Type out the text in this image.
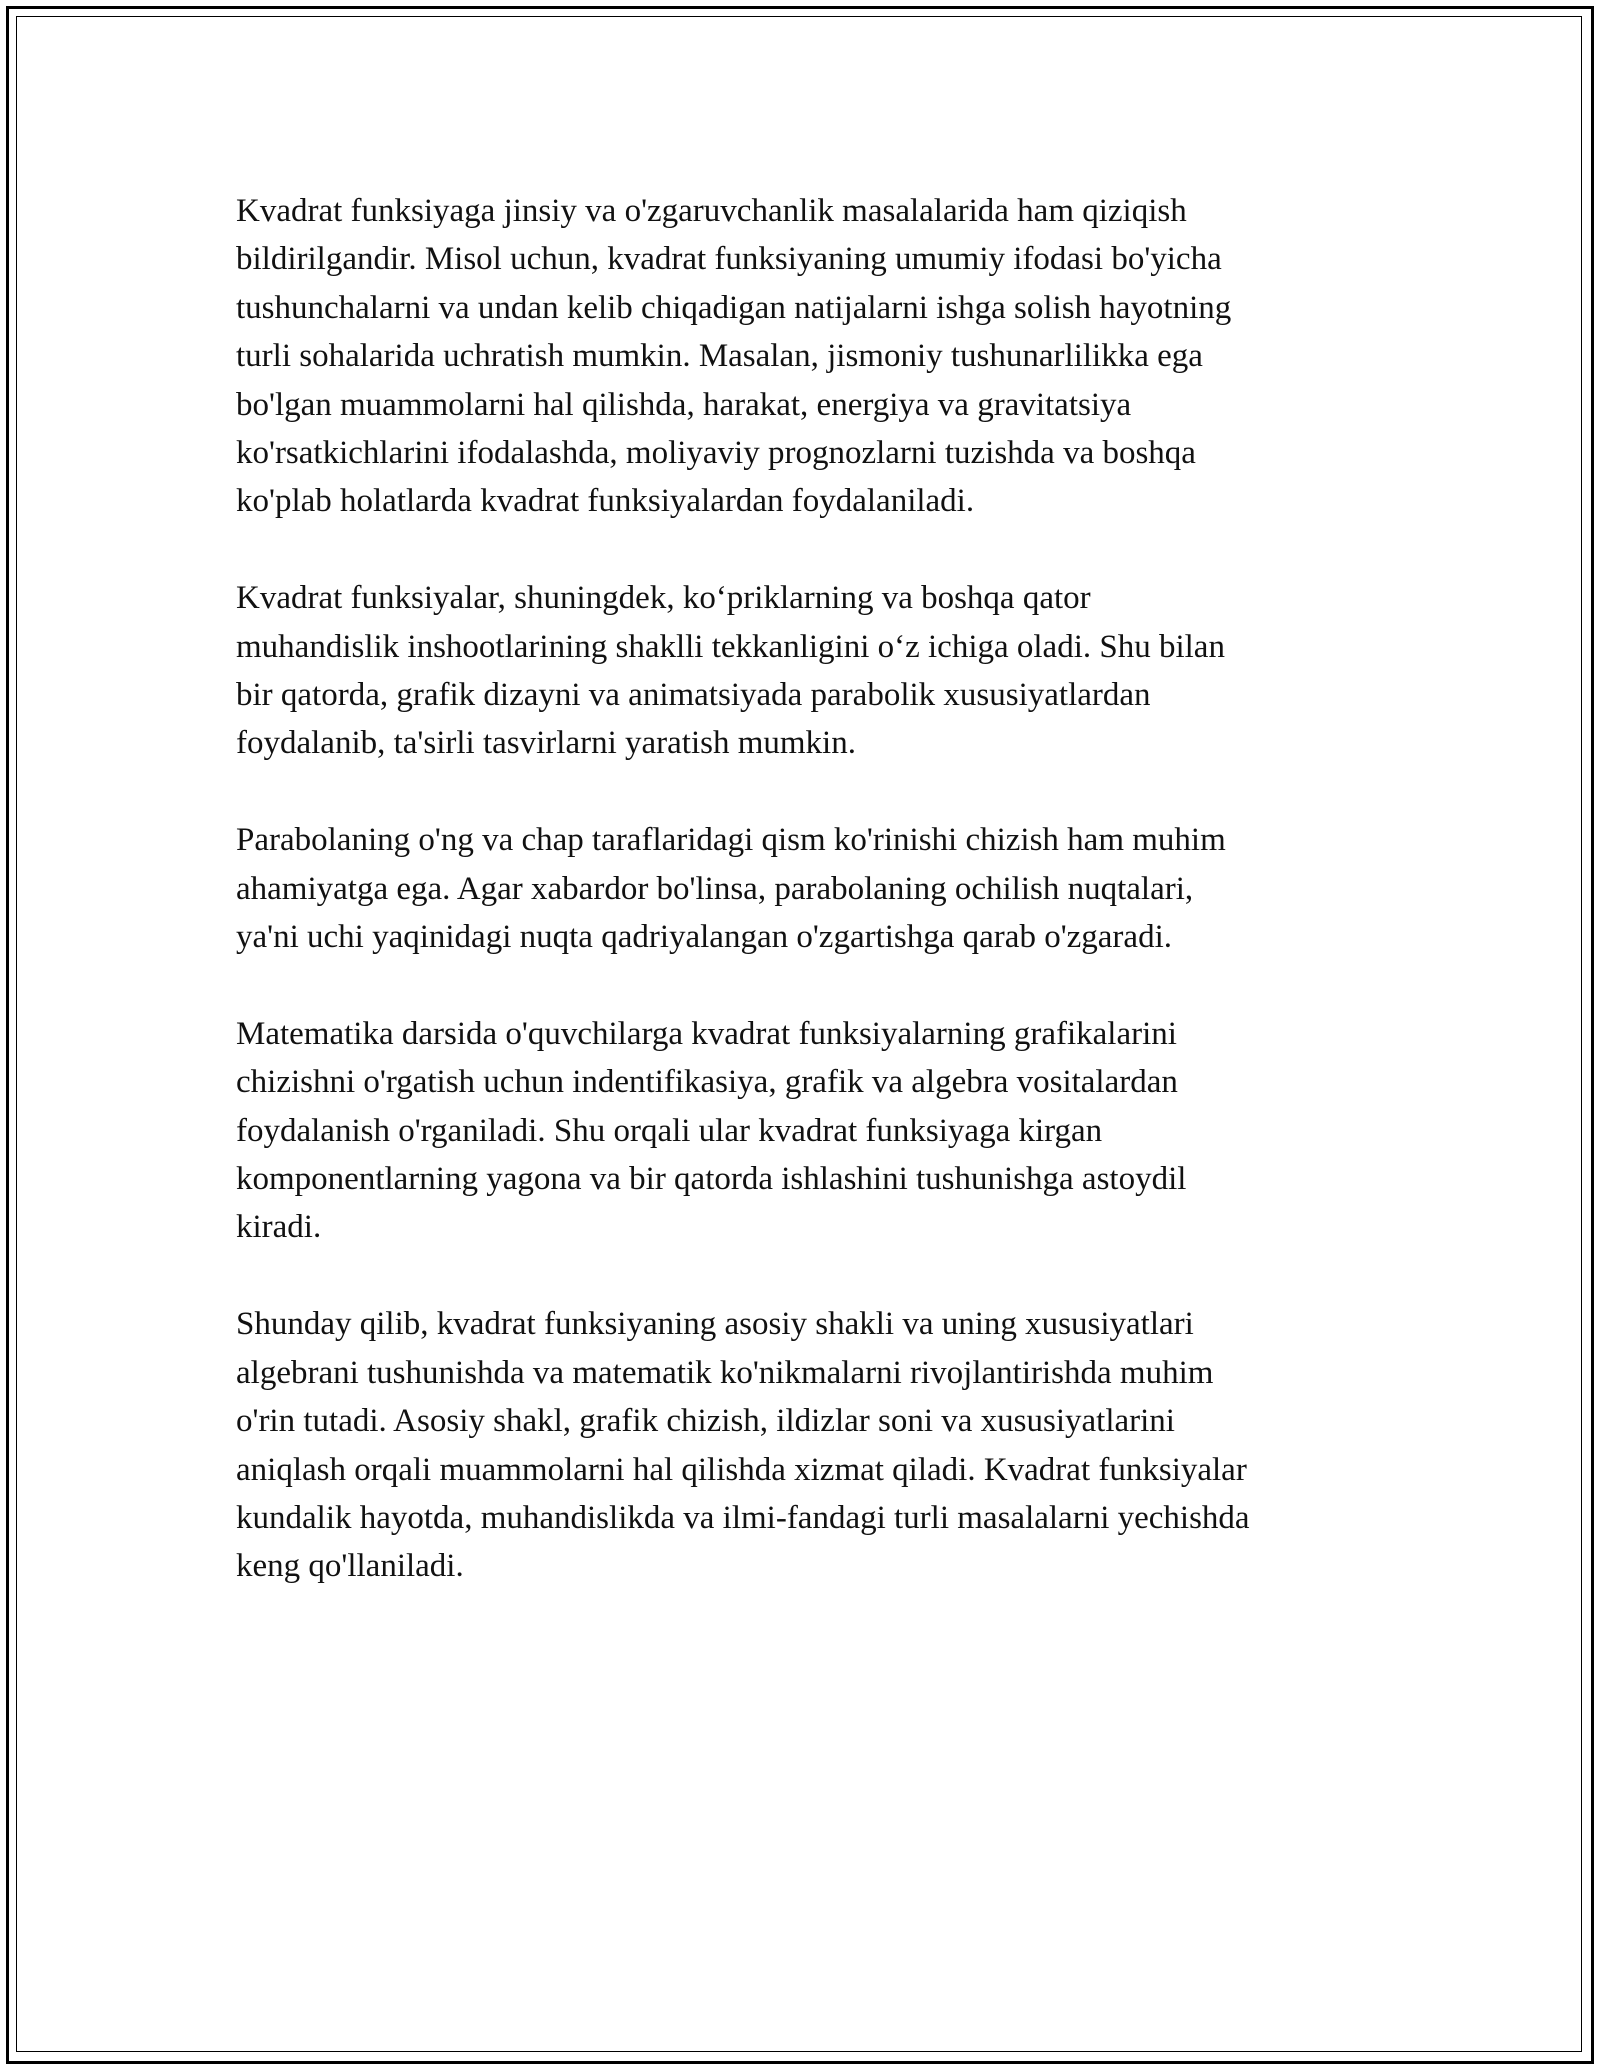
Kvadrat funksiyaga jinsiy va o'zgaruvchanlik masalalarida ham qiziqish
bildirilgandir. Misol uchun, kvadrat funksiyaning umumiy ifodasi bo'yicha
tushunchalarni va undan kelib chiqadigan natijalarni ishga solish hayotning
turli sohalarida uchratish mumkin. Masalan, jismoniy tushunarlilikka ega
bo'lgan muammolarni hal qilishda, harakat, energiya va gravitatsiya
ko'rsatkichlarini ifodalashda, moliyaviy prognozlarni tuzishda va boshqa
ko'plab holatlarda kvadrat funksiyalardan foydalaniladi.

Kvadrat funksiyalar, shuningdek, ko‘priklarning va boshqa qator
muhandislik inshootlarining shaklli tekkanligini o‘z ichiga oladi. Shu bilan
bir qatorda, grafik dizayni va animatsiyada parabolik xususiyatlardan
foydalanib, ta'sirli tasvirlarni yaratish mumkin.

Parabolaning o'ng va chap taraflaridagi qism ko'rinishi chizish ham muhim
ahamiyatga ega. Agar xabardor bo'linsa, parabolaning ochilish nuqtalari,
ya'ni uchi yaqinidagi nuqta qadriyalangan o'zgartishga qarab o'zgaradi.

Matematika darsida o'quvchilarga kvadrat funksiyalarning grafikalarini
chizishni o'rgatish uchun indentifikasiya, grafik va algebra vositalardan
foydalanish o'rganiladi. Shu orqali ular kvadrat funksiyaga kirgan
komponentlarning yagona va bir qatorda ishlashini tushunishga astoydil
kiradi.

Shunday qilib, kvadrat funksiyaning asosiy shakli va uning xususiyatlari
algebrani tushunishda va matematik ko'nikmalarni rivojlantirishda muhim
o'rin tutadi. Asosiy shakl, grafik chizish, ildizlar soni va xususiyatlarini
aniqlash orqali muammolarni hal qilishda xizmat qiladi. Kvadrat funksiyalar
kundalik hayotda, muhandislikda va ilmi-fandagi turli masalalarni yechishda
keng qo'llaniladi.
